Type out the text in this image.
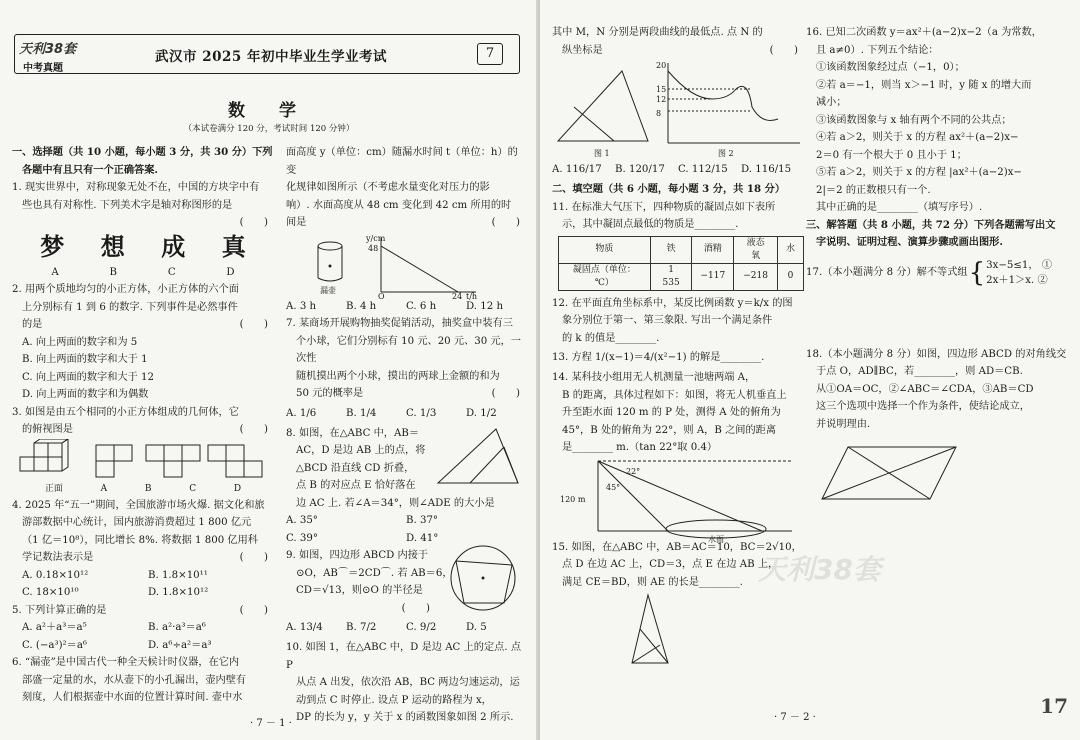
天利38套
中考真题
武汉市 2025 年初中毕业生学业考试	7
数 学
（本试卷满分 120 分，考试时间 120 分钟）

一、选择题（共 10 小题，每小题 3 分，共 30 分）下列

各题中有且只有一个正确答案.

1. 现实世界中，对称现象无处不在，中国的方块字中有

些也具有对称性. 下列美术字是轴对称图形的是

(　　)

梦 想 成 真
A	B	C	D

2. 用两个质地均匀的小正方体，小正方体的六个面

上分别标有 1 到 6 的数字. 下列事件是必然事件

(　　)
的是

A. 向上两面的数字和为 5

B. 向上两面的数字和大于 1

C. 向上两面的数字和大于 12

D. 向上两面的数字和为偶数

3. 如图是由五个相同的小正方体组成的几何体，它

(　　)
的俯视图是

正面	A	B	C	D

4. 2025 年“五一”期间，全国旅游市场火爆. 据文化和旅

游部数据中心统计，国内旅游消费超过 1 800 亿元

（1 亿＝10⁸），同比增长 8%. 将数据 1 800 亿用科

(　　)
学记数法表示是

A. 0.18×10¹²	B. 1.8×10¹¹
C. 18×10¹⁰	D. 1.8×10¹²

(　　)
5. 下列计算正确的是

A. a²＋a³＝a⁵	B. a²·a³＝a⁶
C. (−a³)²＝a⁶	D. a⁶÷a²＝a³

6. “漏壶”是中国古代一种全天候计时仪器，在它内

部盛一定量的水，水从壶下的小孔漏出，壶内壁有

刻度，人们根据壶中水面的位置计算时间. 壶中水

面高度 y（单位：cm）随漏水时间 t（单位：h）的变

化规律如图所示（不考虑水量变化对压力的影

响）. 水面高度从 48 cm 变化到 42 cm 所用的时

(　　)
间是

y/cm
48
O	24 t/h
漏壶
A. 3 h	B. 4 h	C. 6 h	D. 12 h

7. 某商场开展购物抽奖促销活动，抽奖盒中装有三

个小球，它们分别标有 10 元、20 元、30 元，一次性

随机摸出两个小球，摸出的两球上金额的和为

(　　)
50 元的概率是

A. 1/6	B. 1/4	C. 1/3	D. 1/2

8. 如图，在△ABC 中，AB＝

AC，D 是边 AB 上的点，将

△BCD 沿直线 CD 折叠，

点 B 的对应点 E 恰好落在

边 AC 上. 若∠A＝34°，则∠ADE 的大小是

A. 35°	B. 37°
C. 39°	D. 41°

9. 如图，四边形 ABCD 内接于

⊙O，AB⌒＝2CD⌒. 若 AB＝6，

CD＝√13，则⊙O 的半径是

(　　)

A. 13/4	B. 7/2	C. 9/2	D. 5

10. 如图 1，在△ABC 中，D 是边 AC 上的定点. 点 P

从点 A 出发，依次沿 AB，BC 两边匀速运动，运

动到点 C 时停止. 设点 P 运动的路程为 x，

DP 的长为 y，y 关于 x 的函数图象如图 2 所示.

· 7 － 1 ·

其中 M，N 分别是两段曲线的最低点. 点 N 的

(　　)
纵坐标是

20
15
12
8
图 1	图 2
A. 116/17	B. 120/17	C. 112/15	D. 116/15

二、填空题（共 6 小题，每小题 3 分，共 18 分）

11. 在标准大气压下，四种物质的凝固点如下表所

示，其中凝固点最低的物质是________.

物质	铁	酒精	液态氧	水
凝固点（单位：℃）	1 535	−117	−218	0

12. 在平面直角坐标系中，某反比例函数 y＝k/x 的图

象分别位于第一、第三象限. 写出一个满足条件

的 k 的值是________.

13. 方程 1/(x−1)＝4/(x²−1) 的解是________.

14. 某科技小组用无人机测量一池塘两端 A，

B 的距离，具体过程如下：如图，将无人机垂直上

升至距水面 120 m 的 P 处，测得 A 处的俯角为

45°，B 处的俯角为 22°，则 A，B 之间的距离

是________ m.（tan 22°取 0.4）

120 m
22°
45°
水面

15. 如图，在△ABC 中，AB＝AC＝10，BC＝2√10，

点 D 在边 AC 上，CD＝3，点 E 在边 AB 上，

满足 CE＝BD，则 AE 的长是________.

16. 已知二次函数 y＝ax²＋(a−2)x−2（a 为常数，

且 a≠0）. 下列五个结论：

①该函数图象经过点（−1，0）；

②若 a＝−1，则当 x＞−1 时，y 随 x 的增大而

减小；

③该函数图象与 x 轴有两个不同的公共点；

④若 a＞2，则关于 x 的方程 ax²＋(a−2)x−

2＝0 有一个根大于 0 且小于 1；

⑤若 a＞2，则关于 x 的方程 |ax²＋(a−2)x−

2|＝2 的正数根只有一个.

其中正确的是________（填写序号）.

三、解答题（共 8 小题，共 72 分）下列各题需写出文

字说明、证明过程、演算步骤或画出图形.

17.（本小题满分 8 分）解不等式组 { 3x−5≤1， ①
2x＋1＞x. ②

18.（本小题满分 8 分）如图，四边形 ABCD 的对角线交

于点 O，AD∥BC，若________，则 AD＝CB.

从①OA＝OC，②∠ABC＝∠CDA，③AB＝CD

这三个选项中选择一个作为条件，使结论成立，

并说明理由.

· 7 － 2 ·	17
天利38套
